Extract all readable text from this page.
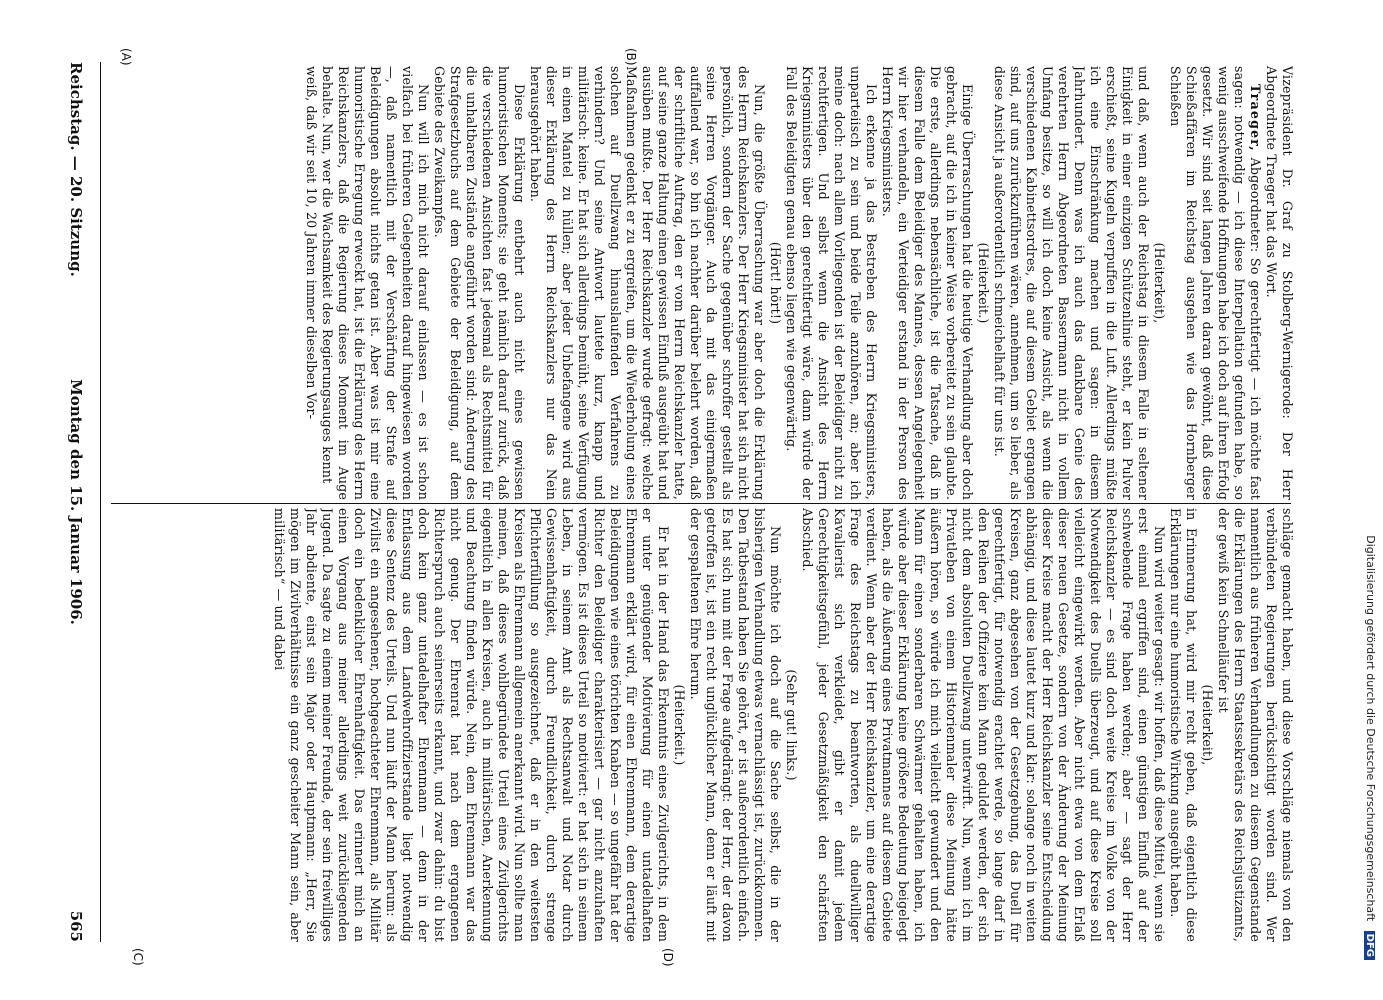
(A)	(B)
(C)	(D)

Vizepräsident Dr. Graf zu Stolberg-Wernigerode: Der Herr Abgeordnete Traeger hat das Wort.

Traeger, Abgeordneter: So gerechtfertigt — ich möchte fast sagen: notwendig — ich diese Interpellation gefunden habe, so wenig ausschweifende Hoffnungen habe ich doch auf ihren Erfolg gesetzt. Wir sind seit langen Jahren daran gewöhnt, daß diese Schießaffären im Reichstag ausgehen wie das Hornberger Schießen

(Heiterkeit),

und daß, wenn auch der Reichstag in diesem Falle in seltener Einigkeit in einer einzigen Schützenlinie steht, er kein Pulver erschießt, seine Kugeln verpuffen in die Luft. Allerdings müßte ich eine Einschränkung machen und sagen: in diesem Jahrhundert. Denn was ich auch das dankbare Genie des verehrten Herrn Abgeordneten Bassermann nicht in vollem Umfang besitze, so will ich doch keine Ansicht, als wenn die verschiedenen Kabinettsordres, die auf diesem Gebiet ergangen sind, auf uns zurückzuführen wären, annehmen, um so lieber, als diese Ansicht ja außerordentlich schmeichelhaft für uns ist.

(Heiterkeit.)

Einige Überraschungen hat die heutige Verhandlung aber doch gebracht, auf die ich in keiner Weise vorbereitet zu sein glaubte. Die erste, allerdings nebensächliche, ist die Tatsache, daß in diesem Falle dem Beleidiger des Mannes, dessen Angelegenheit wir hier verhandeln, ein Verteidiger erstand in der Person des Herrn Kriegsministers.

Ich erkenne ja das Bestreben des Herrn Kriegsministers, unparteiisch zu sein und beide Teile anzuhören, an; aber ich meine doch: nach allem Vorliegenden ist der Beleidiger nicht zu rechtfertigen. Und selbst wenn die Ansicht des Herrn Kriegsministers über den gerechtfertigt wäre, dann würde der Fall des Beleidigten genau ebenso liegen wie gegenwärtig.

(Hört! hört!)

Nun, die größte Überraschung war aber doch die Erklärung des Herrn Reichskanzlers. Der Herr Kriegsminister hat sich nicht persönlich, sondern der Sache gegenüber schroffer gestellt als seine Herren Vorgänger. Auch da mit das einigermaßen auffallend war, so bin ich nachher darüber belehrt worden, daß der schriftliche Auftrag, den er vom Herrn Reichskanzler hatte, auf seine ganze Haltung einen gewissen Einfluß ausgeübt hat und ausüben mußte. Der Herr Reichskanzler wurde gefragt: welche Maßnahmen gedenkt er zu ergreifen, um die Wiederholung eines solchen auf Duellzwang hinauslaufenden Verfahrens zu verhindern? Und seine Antwort lautete kurz, knapp und militärisch: keine. Er hat sich allerdings bemüht, seine Verfügung in einen Mantel zu hüllen; aber jeder Unbefangene wird aus dieser Erklärung des Herrn Reichskanzlers nur das Nein herausgehört haben.

Diese Erklärung entbehrt auch nicht eines gewissen humoristischen Moments; sie geht nämlich darauf zurück, daß die verschiedenen Ansichten fast jedesmal als Rechtsmittel für die unhaltbaren Zustände angeführt worden sind: Änderung des Strafgesetzbuchs auf dem Gebiete der Beleidigung, auf dem Gebiete des Zweikampfes.

Nun will ich mich nicht darauf einlassen — es ist schon vielfach bei früheren Gelegenheiten darauf hingewiesen worden —, daß namentlich mit der Verschärfung der Strafe auf Beleidigungen absolut nichts getan ist. Aber was ist mir eine humoristische Erregung erweckt hat, ist die Erklärung des Herrn Reichskanzlers, daß die Regierung dieses Moment im Auge behalte. Nun, wer die Wachsamkeit des Regierungsauges kennt

weiß, daß wir seit 10, 20 Jahren immer dieselben Vor-

schläge gemacht haben, und diese Vorschläge niemals von den verbündeten Regierungen berücksichtigt worden sind. Wer namentlich aus früheren Verhandlungen zu diesem Gegenstande die Erklärungen des Herrn Staatssekretärs des Reichsjustizamts, der gewiß kein Schnelläufer ist

(Heiterkeit),

in Erinnerung hat, wird mir recht geben, daß eigentlich diese Erklärungen nur eine humoristische Wirkung ausgeübt haben.

Nun wird weiter gesagt: wir hoffen, daß diese Mittel, wenn sie erst einmal ergriffen sind, einen günstigen Einfluß auf der schwebende Frage haben werden; aber — sagt der Herr Reichskanzler — es sind doch weite Kreise im Volke von der Notwendigkeit des Duells überzeugt, und auf diese Kreise soll vielleicht eingewirkt werden. Aber nicht etwa von dem Erlaß dieser neuen Gesetze, sondern von der Änderung der Meinung dieser Kreise macht der Herr Reichskanzler seine Entscheidung abhängig, und diese lautet kurz und klar: solange noch in weiten Kreisen, ganz abgesehen von der Gesetzgebung, das Duell für gerechtfertigt, für notwendig erachtet werde, so lange darf in den Reihen der Offiziere kein Mann geduldet werden, der sich nicht dem absoluten Duellzwang unterwirft. Nun, wenn ich im Privatleben von einem Historienmaler diese Meinung hätte äußern hören, so würde ich mich vielleicht gewundert und den Mann für einen sonderbaren Schwärmer gehalten haben, ich würde aber dieser Erklärung keine größere Bedeutung beigelegt haben, als die Äußerung eines Privatmannes auf diesem Gebiete verdient. Wenn aber der Herr Reichskanzler, um eine derartige Frage des Reichstags zu beantworten, als duellwilliger Kavalierist sich verkleidet, gibt er damit jedem Gerechtigkeitsgefühl, jeder Gesetzmäßigkeit den schärfsten Abschied.

(Sehr gut! links.)

Nun möchte ich doch auf die Sache selbst, die in der bisherigen Verhandlung etwas vernachlässigt ist, zurückkommen. Den Tatbestand haben Sie gehört, er ist außerordentlich einfach. Es hat sich nun mit der Frage aufgedrängt: der Herr, der davon getroffen ist, ist ein recht unglücklicher Mann, denn er läuft mit der gespaltenen Ehre herum.

(Heiterkeit.)

Er hat in der Hand das Erkenntnis eines Zivilgerichts, in dem er unter genügender Motivierung für einen untadelhaften Ehrenmann erklärt wird, für einen Ehrenmann, dem derartige Beleidigungen wie eines törichten Knaben — so ungefähr hat der Richter den Beleidiger charakterisiert — gar nicht anzuhaften vermögen. Es ist dieses Urteil so motiviert: er hat sich in seinem Leben, in seinem Amt als Rechtsanwalt und Notar durch Gewissenhaftigkeit, durch Freundlichkeit, durch strenge Pflichterfüllung so ausgezeichnet, daß er in den weitesten Kreisen als Ehrenmann allgemein anerkannt wird. Nun sollte man meinen, daß dieses wohlbegründete Urteil eines Zivilgerichts eigentlich in allen Kreisen, auch in militärischen, Anerkennung und Beachtung finden würde. Nein, dem Ehrenmann war das nicht genug. Der Ehrenrat hat nach dem ergangenen Richterspruch auch seinerseits erkannt, und zwar dahin: du bist doch kein ganz untadelhafter Ehrenmann — denn in der Entlassung aus dem Landwehroffizierstande liegt notwendig diese Sentenz des Urteils. Und nun läuft der Mann herum: als Zivilist ein angesehener, hochgeachteter Ehrenmann, als Militär doch ein bedenklicher Ehrenhaftigkeit. Das erinnert mich an einen Vorgang aus meiner allerdings weit zurückliegenden Jugend. Da sagte zu einem meiner Freunde, der sein freiwilliges Jahr abdiente, einst sein Major oder Hauptmann: „Herr, Sie mögen im Zivilverhältnisse ein ganz gescheiter Mann sein, aber militärisch“ — und dabei

Reichstag. — 20. Sitzung.
Montag den 15. Januar 1906.
565
Digitalisierung gefördert durch die Deutsche Forschungsgemeinschaft DFG
